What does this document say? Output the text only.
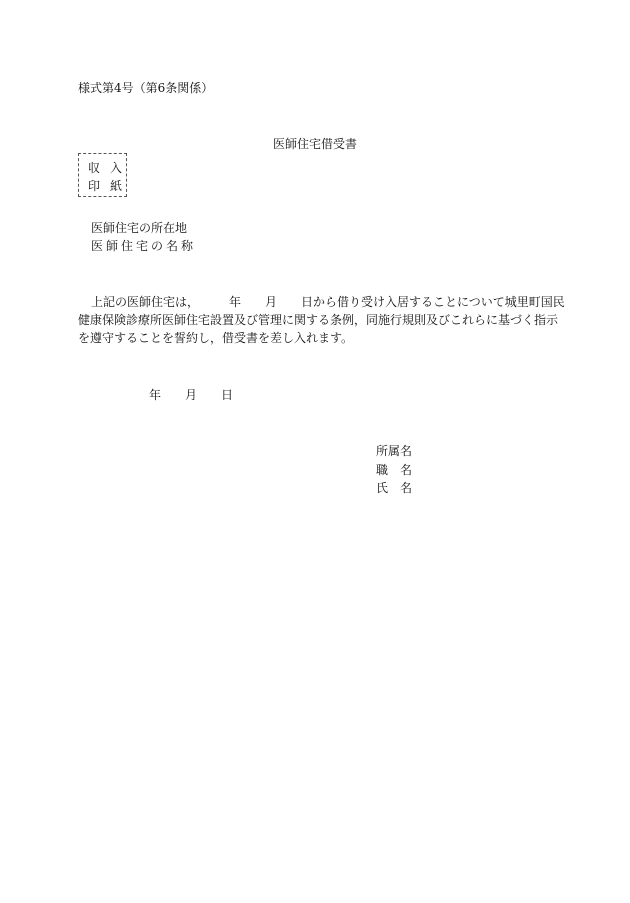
様式第4号（第6条関係）
医師住宅借受書
収入
印紙
医師住宅の所在地
医師住宅の名称
上記の医師住宅は，　　　年　　月　　日から借り受け入居することについて城里町国民
健康保険診療所医師住宅設置及び管理に関する条例，同施行規則及びこれらに基づく指示
を遵守することを誓約し，借受書を差し入れます。
年　　月　　日
所属名
職　名
氏　名
